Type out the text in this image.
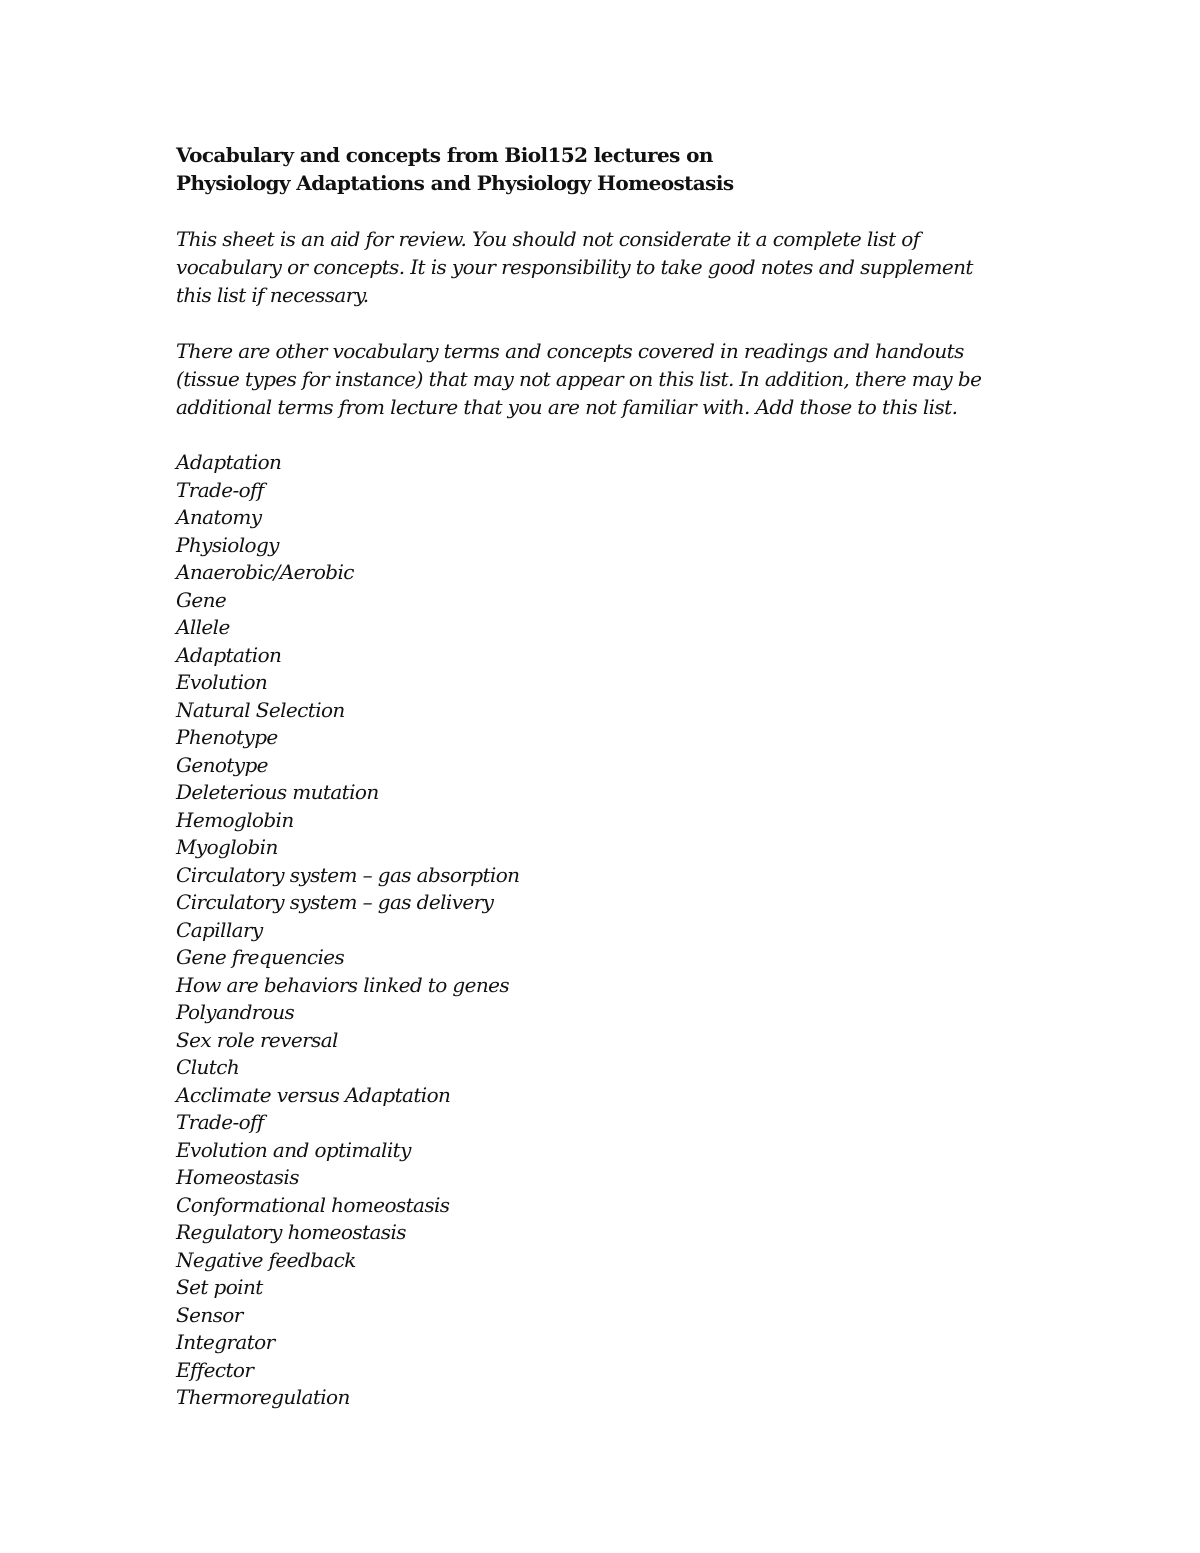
Vocabulary and concepts from Biol152 lectures on
Physiology Adaptations and Physiology Homeostasis

This sheet is an aid for review. You should not considerate it a complete list of
vocabulary or concepts. It is your responsibility to take good notes and supplement
this list if necessary.

There are other vocabulary terms and concepts covered in readings and handouts
(tissue types for instance) that may not appear on this list. In addition, there may be
additional terms from lecture that you are not familiar with. Add those to this list.

Adaptation
Trade-off
Anatomy
Physiology
Anaerobic/Aerobic
Gene
Allele
Adaptation
Evolution
Natural Selection
Phenotype
Genotype
Deleterious mutation
Hemoglobin
Myoglobin
Circulatory system – gas absorption
Circulatory system – gas delivery
Capillary
Gene frequencies
How are behaviors linked to genes
Polyandrous
Sex role reversal
Clutch
Acclimate versus Adaptation
Trade-off
Evolution and optimality
Homeostasis
Conformational homeostasis
Regulatory homeostasis
Negative feedback
Set point
Sensor
Integrator
Effector
Thermoregulation
